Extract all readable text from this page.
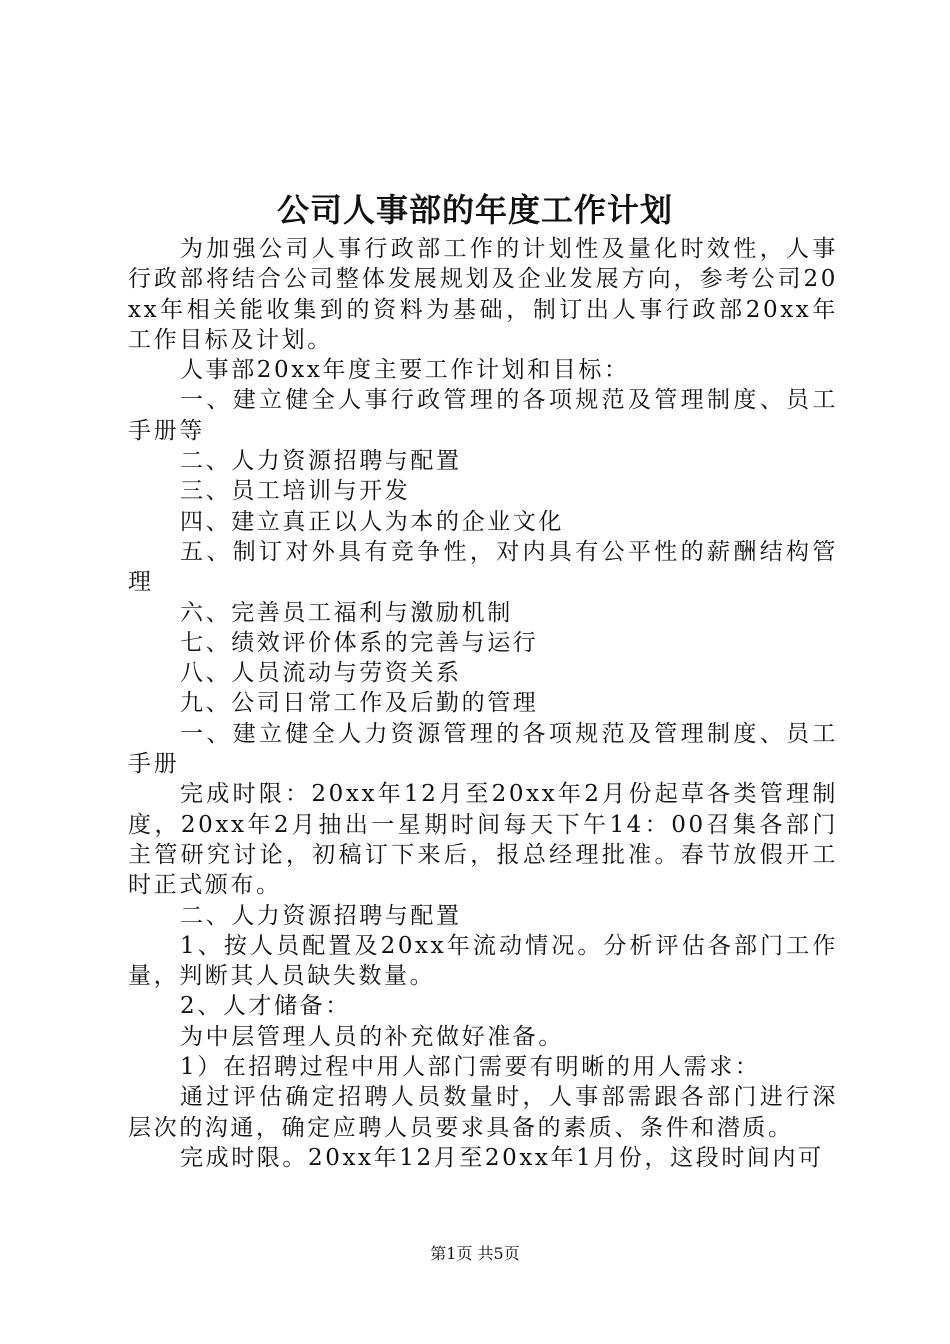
公司人事部的年度工作计划

为加强公司人事行政部工作的计划性及量化时效性，人事行政部将结合公司整体发展规划及企业发展方向，参考公司20xx年相关能收集到的资料为基础，制订出人事行政部20xx年工作目标及计划。

人事部20xx年度主要工作计划和目标：

一、建立健全人事行政管理的各项规范及管理制度、员工手册等

二、人力资源招聘与配置

三、员工培训与开发

四、建立真正以人为本的企业文化

五、制订对外具有竞争性，对内具有公平性的薪酬结构管理

六、完善员工福利与激励机制

七、绩效评价体系的完善与运行

八、人员流动与劳资关系

九、公司日常工作及后勤的管理

一、建立健全人力资源管理的各项规范及管理制度、员工手册

完成时限：20xx年12月至20xx年2月份起草各类管理制度，20xx年2月抽出一星期时间每天下午14：00召集各部门主管研究讨论，初稿订下来后，报总经理批准。春节放假开工时正式颁布。

二、人力资源招聘与配置

1、按人员配置及20xx年流动情况。分析评估各部门工作量，判断其人员缺失数量。

2、人才储备：

为中层管理人员的补充做好准备。

1）在招聘过程中用人部门需要有明晰的用人需求：

通过评估确定招聘人员数量时，人事部需跟各部门进行深层次的沟通，确定应聘人员要求具备的素质、条件和潜质。

完成时限。20xx年12月至20xx年1月份，这段时间内可

第1页 共5页
